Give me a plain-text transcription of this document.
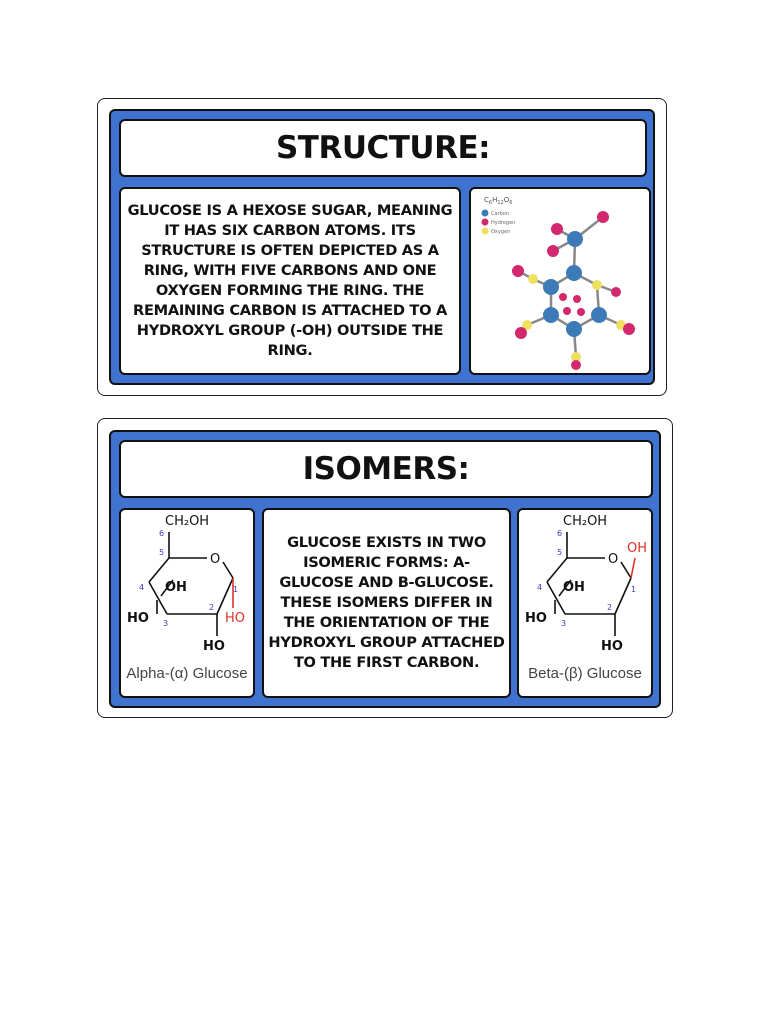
STRUCTURE:
GLUCOSE IS A HEXOSE SUGAR, MEANING IT HAS SIX CARBON ATOMS. ITS STRUCTURE IS OFTEN DEPICTED AS A RING, WITH FIVE CARBONS AND ONE OXYGEN FORMING THE RING. THE REMAINING CARBON IS ATTACHED TO A HYDROXYL GROUP (-OH) OUTSIDE THE RING.
$C_6H_{12}O_6$
Carbon
Hydrogen
Oxygen
ISOMERS:
CH₂OH
O
OH
HO	HO
HO
6
5
4
3
2
1
Alpha-(α) Glucose
GLUCOSE EXISTS IN TWO ISOMERIC FORMS: A-GLUCOSE AND B-GLUCOSE. THESE ISOMERS DIFFER IN THE ORIENTATION OF THE HYDROXYL GROUP ATTACHED TO THE FIRST CARBON.
CH₂OH
O
OH
OH
HO
HO
6
5
4
3
2
1
Beta-(β) Glucose
